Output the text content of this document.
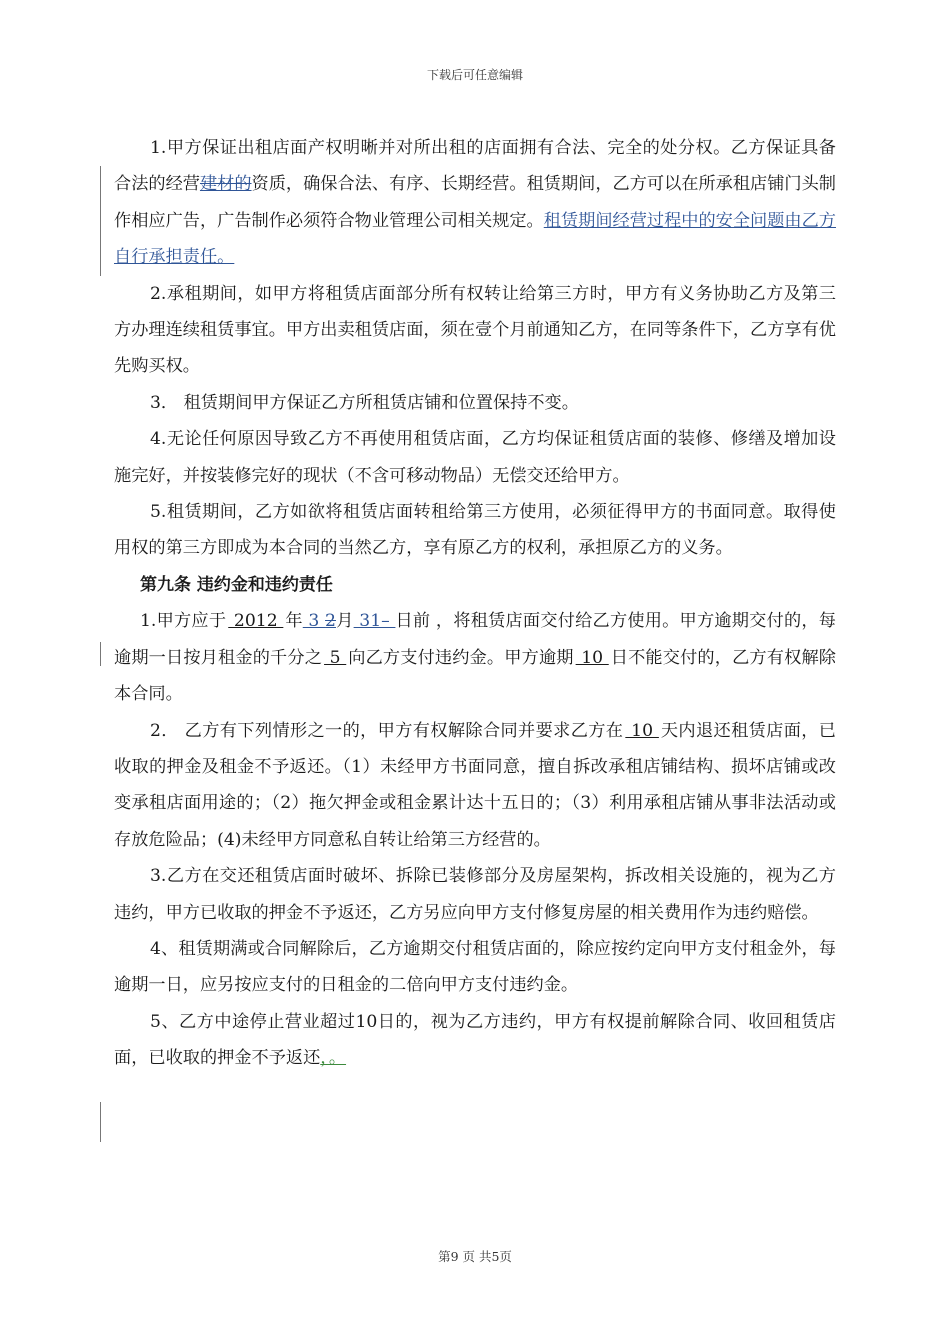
下载后可任意编辑

1.甲方保证出租店面产权明晰并对所出租的店面拥有合法、完全的处分权。乙方保证具备合法的经营建材的资质，确保合法、有序、长期经营。租赁期间，乙方可以在所承租店铺门头制作相应广告，广告制作必须符合物业管理公司相关规定。租赁期间经营过程中的安全问题由乙方自行承担责任。

2.承租期间，如甲方将租赁店面部分所有权转让给第三方时，甲方有义务协助乙方及第三方办理连续租赁事宜。甲方出卖租赁店面，须在壹个月前通知乙方，在同等条件下，乙方享有优先购买权。

3． 租赁期间甲方保证乙方所租赁店铺和位置保持不变。

4.无论任何原因导致乙方不再使用租赁店面，乙方均保证租赁店面的装修、修缮及增加设施完好，并按装修完好的现状（不含可移动物品）无偿交还给甲方。

5.租赁期间，乙方如欲将租赁店面转租给第三方使用，必须征得甲方的书面同意。取得使用权的第三方即成为本合同的当然乙方，享有原乙方的权利，承担原乙方的义务。

第九条 违约金和违约责任

1.甲方应于 2012 年 3 2月 31– 日前 ，将租赁店面交付给乙方使用。甲方逾期交付的，每逾期一日按月租金的千分之 5 向乙方支付违约金。甲方逾期 10 日不能交付的，乙方有权解除本合同。

2． 乙方有下列情形之一的，甲方有权解除合同并要求乙方在 10 天内退还租赁店面，已收取的押金及租金不予返还。（1）未经甲方书面同意，擅自拆改承租店铺结构、损坏店铺或改变承租店面用途的；（2）拖欠押金或租金累计达十五日的；（3）利用承租店铺从事非法活动或存放危险品；(4)未经甲方同意私自转让给第三方经营的。

3.乙方在交还租赁店面时破坏、拆除已装修部分及房屋架构，拆改相关设施的，视为乙方违约，甲方已收取的押金不予返还，乙方另应向甲方支付修复房屋的相关费用作为违约赔偿。

4、租赁期满或合同解除后，乙方逾期交付租赁店面的，除应按约定向甲方支付租金外，每逾期一日，应另按应支付的日租金的二倍向甲方支付违约金。

5、乙方中途停止营业超过10日的，视为乙方违约，甲方有权提前解除合同、收回租赁店面，已收取的押金不予返还，。

第9 页 共5页
